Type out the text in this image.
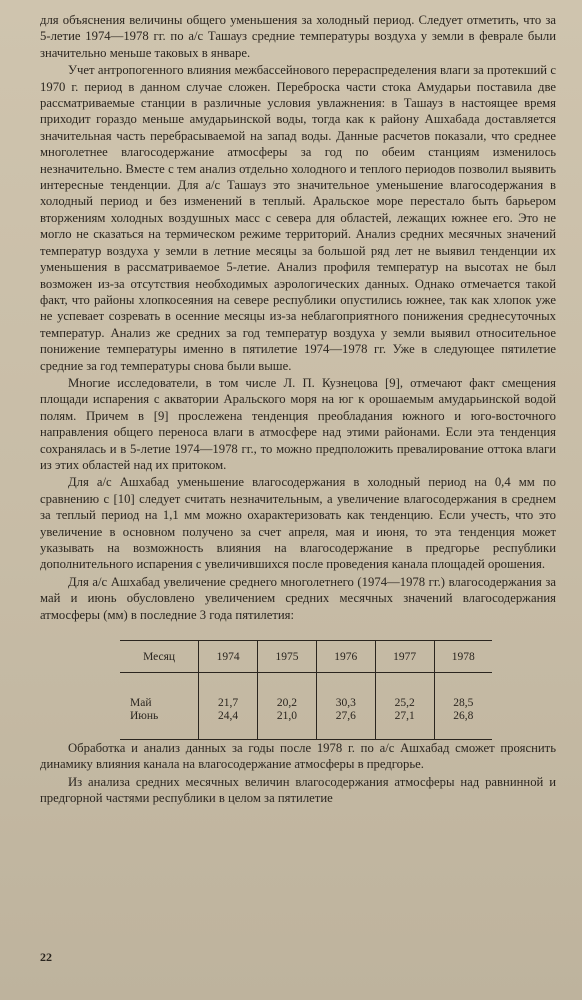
для объяснения величины общего уменьшения за холодный период. Следует отметить, что за 5-летие 1974—1978 гг. по а/с Ташауз средние температуры воздуха у земли в феврале были значительно меньше таковых в январе.

Учет антропогенного влияния межбассейнового перераспределения влаги за протекший с 1970 г. период в данном случае сложен. Переброска части стока Амударьи поставила две рассматриваемые станции в различные условия увлажнения: в Ташауз в настоящее время приходит гораздо меньше амударьинской воды, тогда как к району Ашхабада доставляется значительная часть перебрасываемой на запад воды. Данные расчетов показали, что среднее многолетнее влагосодержание атмосферы за год по обеим станциям изменилось незначительно. Вместе с тем анализ отдельно холодного и теплого периодов позволил выявить интересные тенденции. Для а/с Ташауз это значительное уменьшение влагосодержания в холодный период и без изменений в теплый. Аральское море перестало быть барьером вторжениям холодных воздушных масс с севера для областей, лежащих южнее его. Это не могло не сказаться на термическом режиме территорий. Анализ средних месячных значений температур воздуха у земли в летние месяцы за большой ряд лет не выявил тенденции их уменьшения в рассматриваемое 5-летие. Анализ профиля температур на высотах не был возможен из-за отсутствия необходимых аэрологических данных. Однако отмечается такой факт, что районы хлопкосеяния на севере республики опустились южнее, так как хлопок уже не успевает созревать в осенние месяцы из-за неблагоприятного понижения среднесуточных температур. Анализ же средних за год температур воздуха у земли выявил относительное понижение температуры именно в пятилетие 1974—1978 гг. Уже в следующее пятилетие средние за год температуры снова были выше.

Многие исследователи, в том числе Л. П. Кузнецова [9], отмечают факт смещения площади испарения с акватории Аральского моря на юг к орошаемым амударьинской водой полям. Причем в [9] прослежена тенденция преобладания южного и юго-восточного направления общего переноса влаги в атмосфере над этими районами. Если эта тенденция сохранялась и в 5-летие 1974—1978 гг., то можно предположить превалирование оттока влаги из этих областей над их притоком.

Для а/с Ашхабад уменьшение влагосодержания в холодный период на 0,4 мм по сравнению с [10] следует считать незначительным, а увеличение влагосодержания в среднем за теплый период на 1,1 мм можно охарактеризовать как тенденцию. Если учесть, что это увеличение в основном получено за счет апреля, мая и июня, то эта тенденция может указывать на возможность влияния на влагосодержание в предгорье республики дополнительного испарения с увеличившихся после проведения канала площадей орошения.

Для а/с Ашхабад увеличение среднего многолетнего (1974—1978 гг.) влагосодержания за май и июнь обусловлено увеличением средних месячных значений влагосодержания атмосферы (мм) в последние 3 года пятилетия:

Месяц	1974	1975	1976	1977	1978
Май	21,7	20,2	30,3	25,2	28,5
Июнь	24,4	21,0	27,6	27,1	26,8

Обработка и анализ данных за годы после 1978 г. по а/с Ашхабад сможет прояснить динамику влияния канала на влагосодержание атмосферы в предгорье.

Из анализа средних месячных величин влагосодержания атмосферы над равнинной и предгорной частями республики в целом за пятилетие

22
